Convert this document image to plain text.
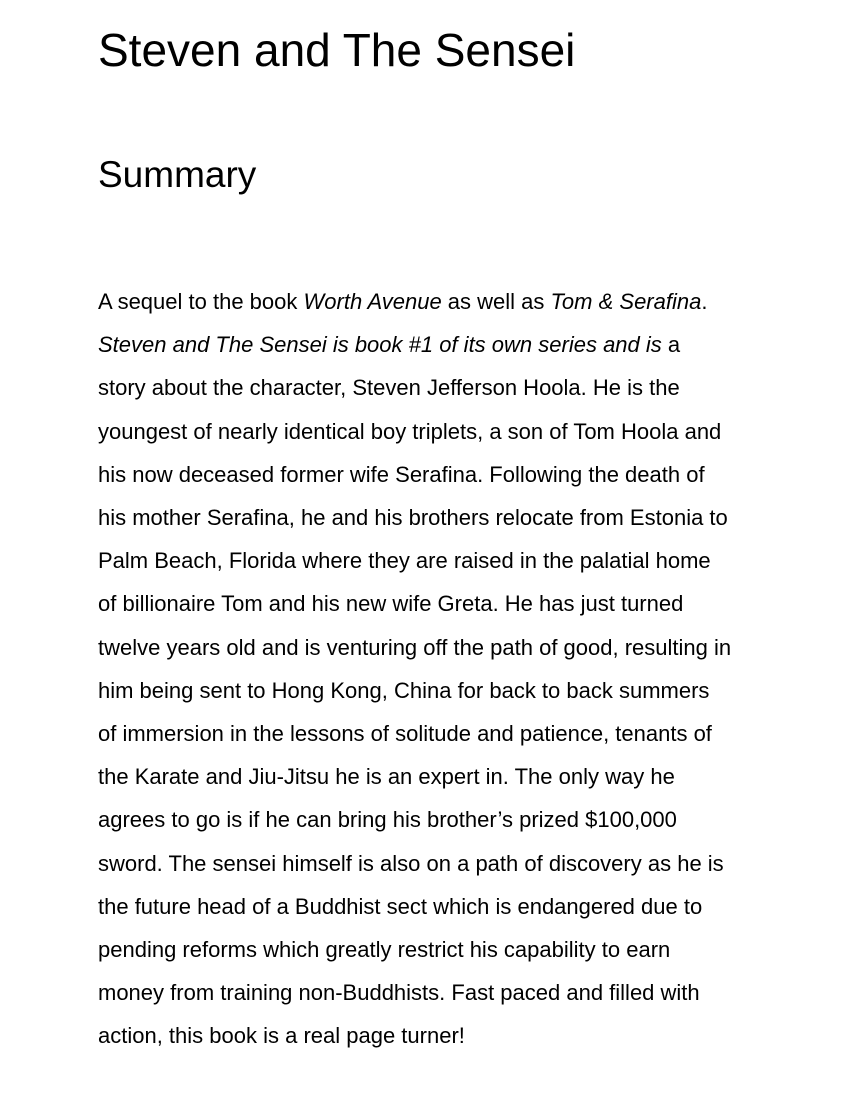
Steven and The Sensei
Summary
A sequel to the book Worth Avenue as well as Tom & Serafina.
Steven and The Sensei is book #1 of its own series and is a
story about the character, Steven Jefferson Hoola. He is the
youngest of nearly identical boy triplets, a son of Tom Hoola and
his now deceased former wife Serafina. Following the death of
his mother Serafina, he and his brothers relocate from Estonia to
Palm Beach, Florida where they are raised in the palatial home
of billionaire Tom and his new wife Greta. He has just turned
twelve years old and is venturing off the path of good, resulting in
him being sent to Hong Kong, China for back to back summers
of immersion in the lessons of solitude and patience, tenants of
the Karate and Jiu-Jitsu he is an expert in. The only way he
agrees to go is if he can bring his brother’s prized $100,000
sword. The sensei himself is also on a path of discovery as he is
the future head of a Buddhist sect which is endangered due to
pending reforms which greatly restrict his capability to earn
money from training non-Buddhists. Fast paced and filled with
action, this book is a real page turner!
